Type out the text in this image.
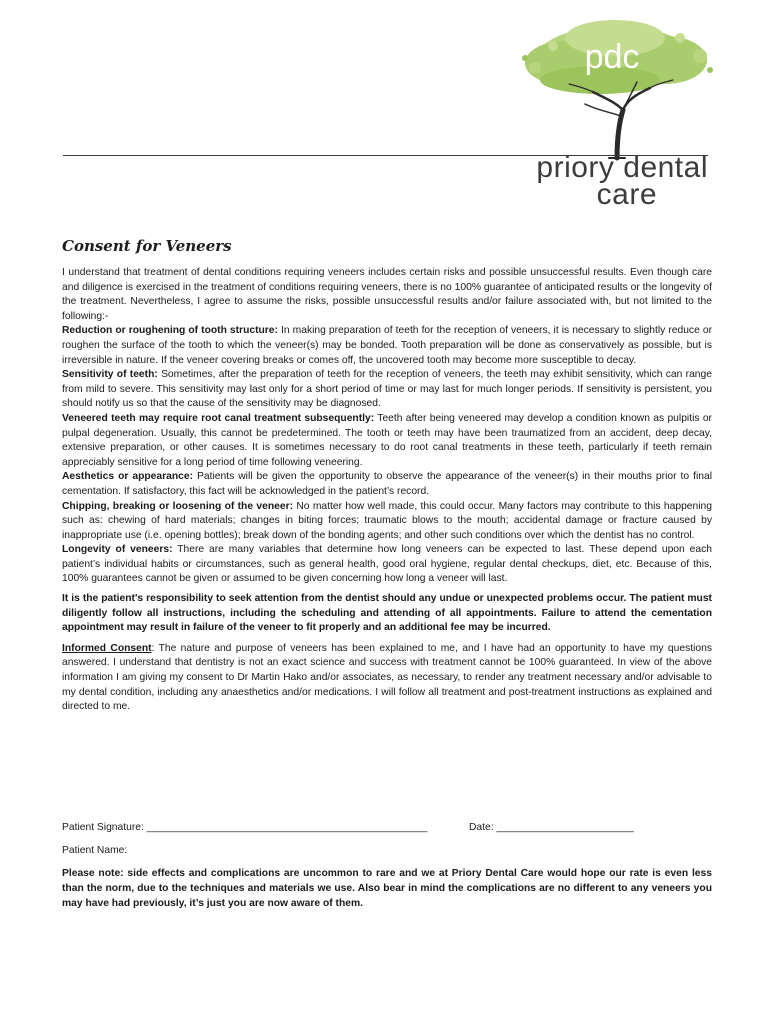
pdc
priory dental
care
Consent for Veneers

I understand that treatment of dental conditions requiring veneers includes certain risks and possible unsuccessful results. Even though care and diligence is exercised in the treatment of conditions requiring veneers, there is no 100% guarantee of anticipated results or the longevity of the treatment. Nevertheless, I agree to assume the risks, possible unsuccessful results and/or failure associated with, but not limited to the following:-

Reduction or roughening of tooth structure: In making preparation of teeth for the reception of veneers, it is necessary to slightly reduce or roughen the surface of the tooth to which the veneer(s) may be bonded. Tooth preparation will be done as conservatively as possible, but is irreversible in nature. If the veneer covering breaks or comes off, the uncovered tooth may become more susceptible to decay.

Sensitivity of teeth: Sometimes, after the preparation of teeth for the reception of veneers, the teeth may exhibit sensitivity, which can range from mild to severe. This sensitivity may last only for a short period of time or may last for much longer periods. If sensitivity is persistent, you should notify us so that the cause of the sensitivity may be diagnosed.

Veneered teeth may require root canal treatment subsequently: Teeth after being veneered may develop a condition known as pulpitis or pulpal degeneration. Usually, this cannot be predetermined. The tooth or teeth may have been traumatized from an accident, deep decay, extensive preparation, or other causes. It is sometimes necessary to do root canal treatments in these teeth, particularly if teeth remain appreciably sensitive for a long period of time following veneering.

Aesthetics or appearance: Patients will be given the opportunity to observe the appearance of the veneer(s) in their mouths prior to final cementation. If satisfactory, this fact will be acknowledged in the patient’s record.

Chipping, breaking or loosening of the veneer: No matter how well made, this could occur. Many factors may contribute to this happening such as: chewing of hard materials; changes in biting forces; traumatic blows to the mouth; accidental damage or fracture caused by inappropriate use (i.e. opening bottles); break down of the bonding agents; and other such conditions over which the dentist has no control.

Longevity of veneers: There are many variables that determine how long veneers can be expected to last. These depend upon each patient’s individual habits or circumstances, such as general health, good oral hygiene, regular dental checkups, diet, etc. Because of this, 100% guarantees cannot be given or assumed to be given concerning how long a veneer will last.

It is the patient's responsibility to seek attention from the dentist should any undue or unexpected problems occur. The patient must diligently follow all instructions, including the scheduling and attending of all appointments. Failure to attend the cementation appointment may result in failure of the veneer to fit properly and an additional fee may be incurred.

Informed Consent: The nature and purpose of veneers has been explained to me, and I have had an opportunity to have my questions answered. I understand that dentistry is not an exact science and success with treatment cannot be 100% guaranteed. In view of the above information I am giving my consent to Dr Martin Hako and/or associates, as necessary, to render any treatment necessary and/or advisable to my dental condition, including any anaesthetics and/or medications. I will follow all treatment and post-treatment instructions as explained and directed to me.

Patient Signature: _________________________________________________	Date: ________________________
Patient Name:
Please note: side effects and complications are uncommon to rare and we at Priory Dental Care would hope our rate is even less than the norm, due to the techniques and materials we use. Also bear in mind the complications are no different to any veneers you may have had previously, it’s just you are now aware of them.
